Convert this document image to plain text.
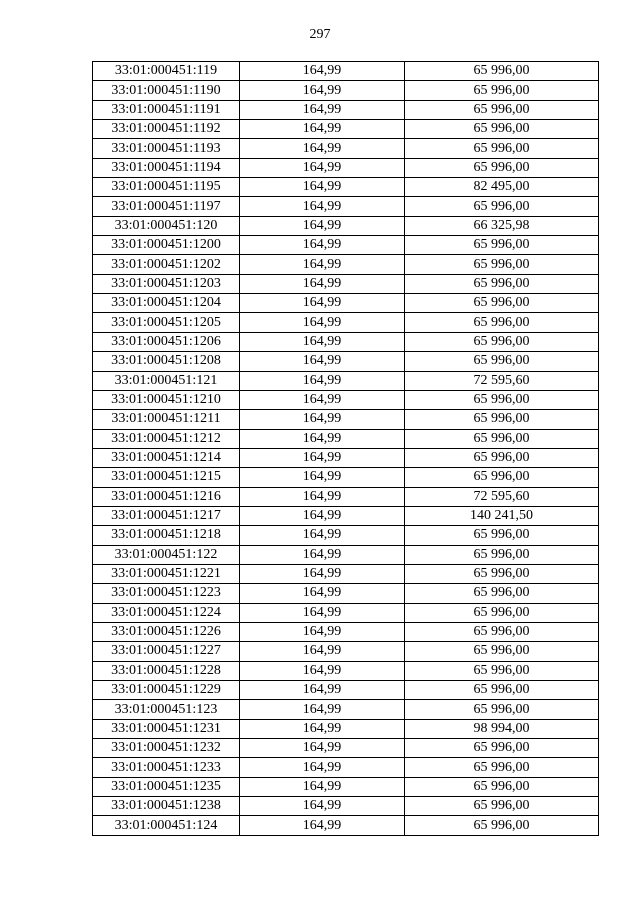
297
33:01:000451:119	164,99	65 996,00
33:01:000451:1190	164,99	65 996,00
33:01:000451:1191	164,99	65 996,00
33:01:000451:1192	164,99	65 996,00
33:01:000451:1193	164,99	65 996,00
33:01:000451:1194	164,99	65 996,00
33:01:000451:1195	164,99	82 495,00
33:01:000451:1197	164,99	65 996,00
33:01:000451:120	164,99	66 325,98
33:01:000451:1200	164,99	65 996,00
33:01:000451:1202	164,99	65 996,00
33:01:000451:1203	164,99	65 996,00
33:01:000451:1204	164,99	65 996,00
33:01:000451:1205	164,99	65 996,00
33:01:000451:1206	164,99	65 996,00
33:01:000451:1208	164,99	65 996,00
33:01:000451:121	164,99	72 595,60
33:01:000451:1210	164,99	65 996,00
33:01:000451:1211	164,99	65 996,00
33:01:000451:1212	164,99	65 996,00
33:01:000451:1214	164,99	65 996,00
33:01:000451:1215	164,99	65 996,00
33:01:000451:1216	164,99	72 595,60
33:01:000451:1217	164,99	140 241,50
33:01:000451:1218	164,99	65 996,00
33:01:000451:122	164,99	65 996,00
33:01:000451:1221	164,99	65 996,00
33:01:000451:1223	164,99	65 996,00
33:01:000451:1224	164,99	65 996,00
33:01:000451:1226	164,99	65 996,00
33:01:000451:1227	164,99	65 996,00
33:01:000451:1228	164,99	65 996,00
33:01:000451:1229	164,99	65 996,00
33:01:000451:123	164,99	65 996,00
33:01:000451:1231	164,99	98 994,00
33:01:000451:1232	164,99	65 996,00
33:01:000451:1233	164,99	65 996,00
33:01:000451:1235	164,99	65 996,00
33:01:000451:1238	164,99	65 996,00
33:01:000451:124	164,99	65 996,00
